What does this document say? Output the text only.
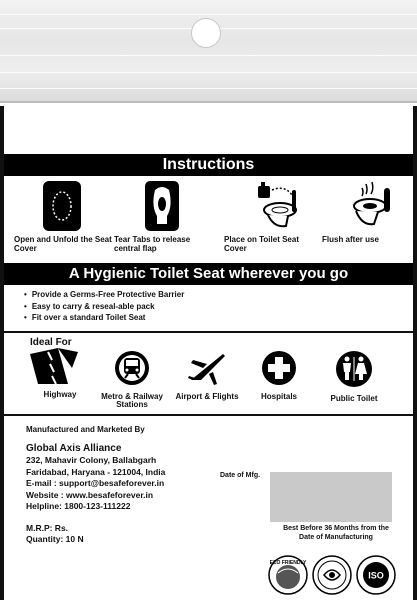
Instructions
Open and Unfold the Seat Cover
Tear Tabs to release central flap
Place on Toilet Seat Cover
Flush after use
A Hygienic Toilet Seat wherever you go
• Provide a Germs-Free Protective Barrier
• Easy to carry & reseal-able pack
• Fit over a standard Toilet Seat
Ideal For
Highway	Metro & Railway Stations
Airport & Flights	Hospitals	Public Toilet
Manufactured and Marketed By
Global Axis Alliance
232, Mahavir Colony, Ballabgarh
Faridabad, Haryana - 121004, India
E-mail : support@besafeforever.in
Website : www.besafeforever.in
Helpline: 1800-123-111222
M.R.P: Rs.
Quantity: 10 N
Date of Mfg.
Best Before 36 Months from the Date of Manufacturing
ECO FRIENDLY
ISO
